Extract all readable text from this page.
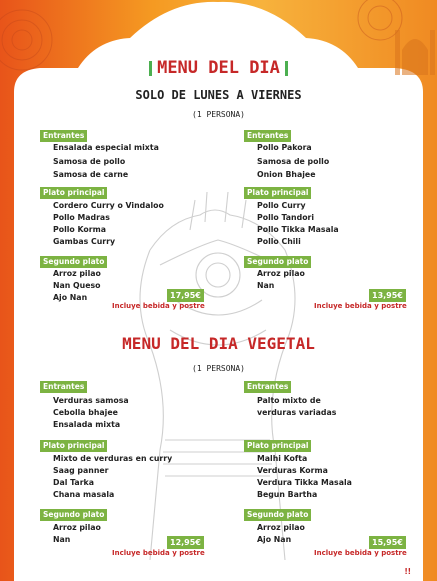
MENU DEL DIA
SOLO DE LUNES A VIERNES
(1 PERSONA)
Entrantes
Ensalada especial mixta
Samosa de pollo
Samosa de carne
Plato principal
Cordero Curry o Vindaloo
Pollo Madras
Pollo Korma
Gambas Curry
Segundo plato
Arroz pilao
Nan Queso
Ajo Nan	17,95€
Incluye bebida y postre
Entrantes
Pollo Pakora
Samosa de pollo
Onion Bhajee
Plato principal
Pollo Curry
Pollo Tandori
Pollo Tikka Masala
Pollo Chili
Segundo plato
Arroz pilao
Nan
13,95€
Incluye bebida y postre
MENU DEL DIA VEGETAL
(1 PERSONA)
Entrantes
Verduras samosa
Cebolla bhajee
Ensalada mixta
Plato principal
Mixto de verduras en curry
Saag panner
Dal Tarka
Chana masala
Segundo plato
Arroz pilao
Nan	12,95€
Incluye bebida y postre
Entrantes
Palto mixto de
verduras variadas
Plato principal
Malhi Kofta
Verduras Korma
Verdura Tikka Masala
Begun Bartha
Segundo plato
Arroz pilao
Ajo Nan	15,95€
Incluye bebida y postre
SI SUFRE ALGUNA ALERGIA O INTOLERANCIA ALIMENTARIA AVISE POR FAVOR AL CAMARERO!!
